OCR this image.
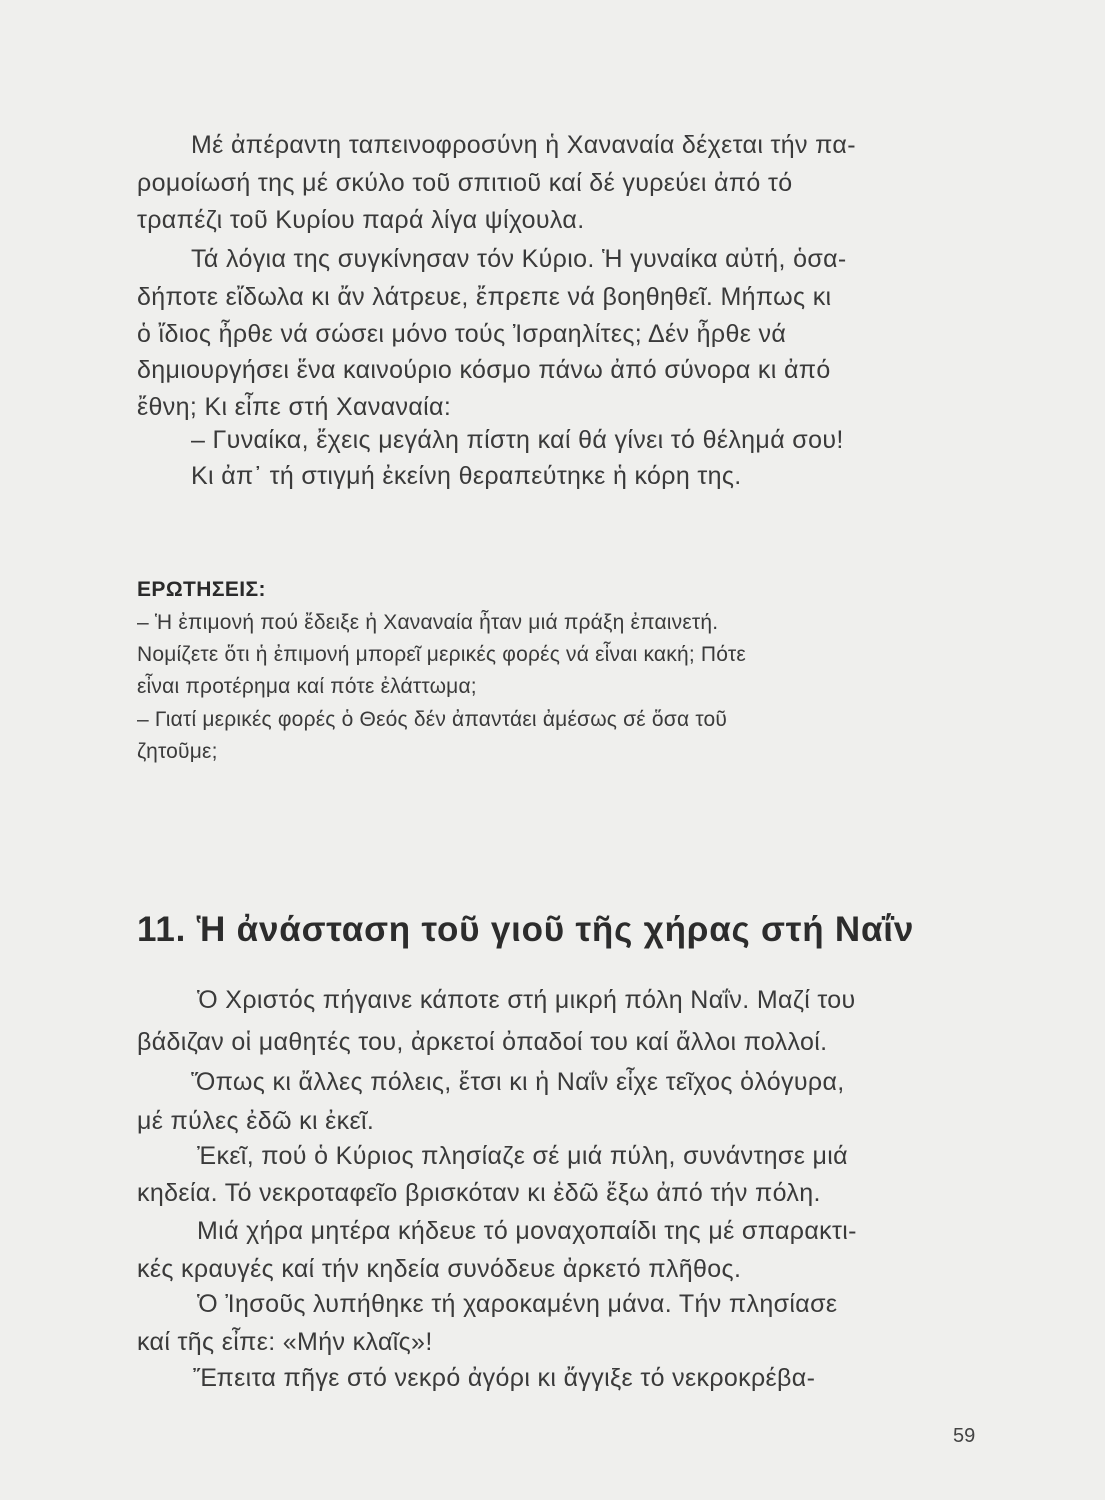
Μέ ἀπέραντη ταπεινοφροσύνη ἡ Χαναναία δέχεται τήν πα-
ρομοίωσή της μέ σκύλο τοῦ σπιτιοῦ καί δέ γυρεύει ἀπό τό
τραπέζι τοῦ Κυρίου παρά λίγα ψίχουλα.
Τά λόγια της συγκίνησαν τόν Κύριο. Ἡ γυναίκα αὐτή, ὁσα-
δήποτε εἴδωλα κι ἄν λάτρευε, ἔπρεπε νά βοηθηθεῖ. Μήπως κι
ὁ ἴδιος ἦρθε νά σώσει μόνο τούς Ἰσραηλίτες; Δέν ἦρθε νά
δημιουργήσει ἕνα καινούριο κόσμο πάνω ἀπό σύνορα κι ἀπό
ἔθνη; Κι εἶπε στή Χαναναία:
– Γυναίκα, ἔχεις μεγάλη πίστη καί θά γίνει τό θέλημά σου!
Κι ἀπ᾽ τή στιγμή ἐκείνη θεραπεύτηκε ἡ κόρη της.
ΕΡΩΤΗΣΕΙΣ:
– Ἡ ἐπιμονή πού ἔδειξε ἡ Χαναναία ἦταν μιά πράξη ἐπαινετή.
Νομίζετε ὅτι ἡ ἐπιμονή μπορεῖ μερικές φορές νά εἶναι κακή; Πότε
εἶναι προτέρημα καί πότε ἐλάττωμα;
– Γιατί μερικές φορές ὁ Θεός δέν ἀπαντάει ἀμέσως σέ ὅσα τοῦ
ζητοῦμε;
11. Ἡ ἀνάσταση τοῦ γιοῦ τῆς χήρας στή Ναΐν
Ὁ Χριστός πήγαινε κάποτε στή μικρή πόλη Ναΐν. Μαζί του
βάδιζαν οἱ μαθητές του, ἀρκετοί ὀπαδοί του καί ἄλλοι πολλοί.
Ὅπως κι ἄλλες πόλεις, ἔτσι κι ἡ Ναΐν εἶχε τεῖχος ὁλόγυρα,
μέ πύλες ἐδῶ κι ἐκεῖ.
Ἐκεῖ, πού ὁ Κύριος πλησίαζε σέ μιά πύλη, συνάντησε μιά
κηδεία. Τό νεκροταφεῖο βρισκόταν κι ἐδῶ ἔξω ἀπό τήν πόλη.
Μιά χήρα μητέρα κήδευε τό μοναχοπαίδι της μέ σπαρακτι-
κές κραυγές καί τήν κηδεία συνόδευε ἀρκετό πλῆθος.
Ὁ Ἰησοῦς λυπήθηκε τή χαροκαμένη μάνα. Τήν πλησίασε
καί τῆς εἶπε: «Μήν κλαῖς»!
Ἔπειτα πῆγε στό νεκρό ἀγόρι κι ἄγγιξε τό νεκροκρέβα-
59
